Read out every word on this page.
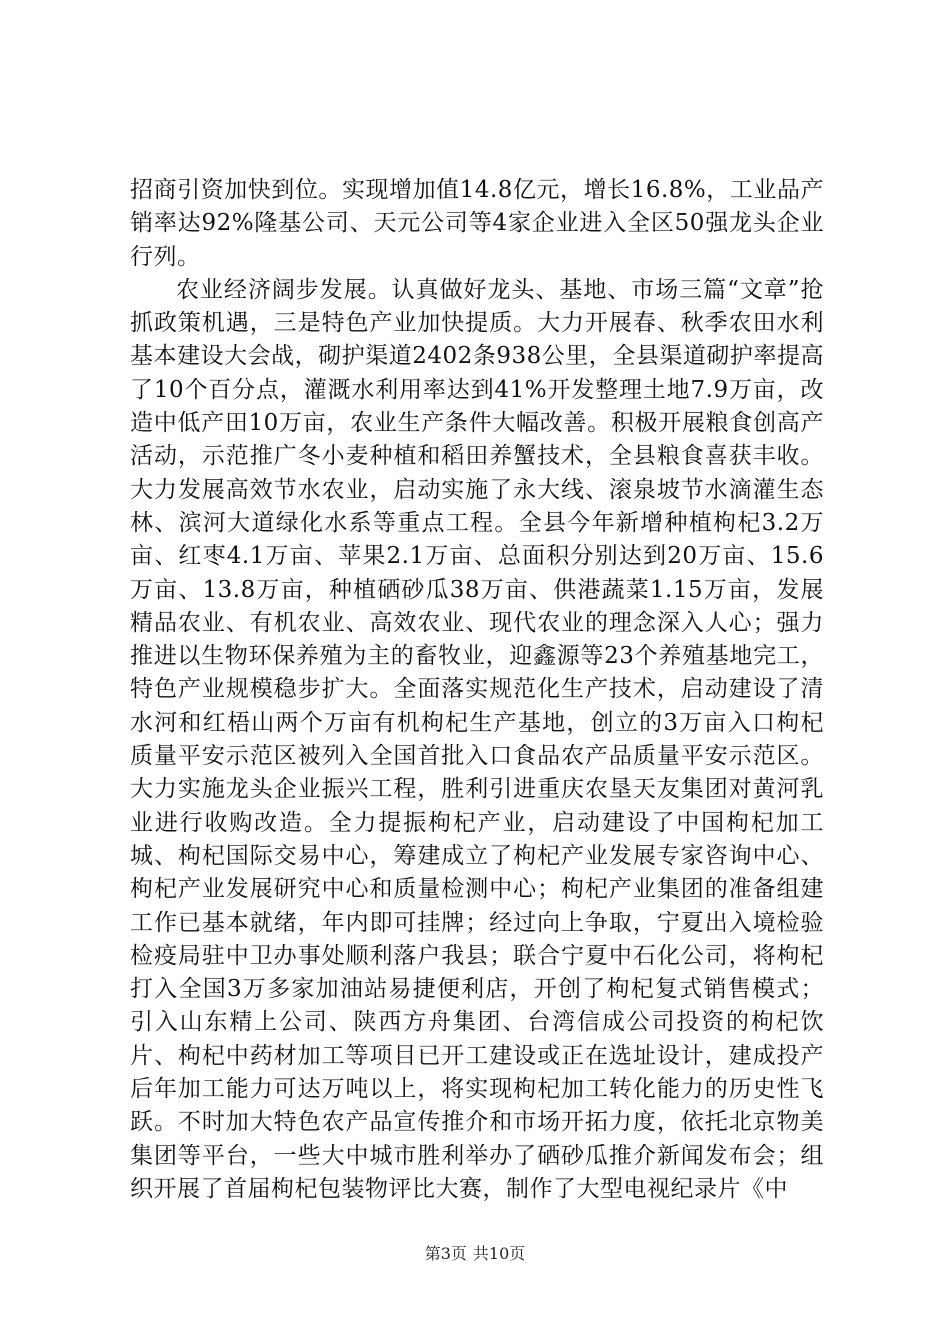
招商引资加快到位。实现增加值14.8亿元，增长16.8%，工业品产销率达92%隆基公司、天元公司等4家企业进入全区50强龙头企业行列。

农业经济阔步发展。认真做好龙头、基地、市场三篇“文章”抢抓政策机遇，三是特色产业加快提质。大力开展春、秋季农田水利基本建设大会战，砌护渠道2402条938公里，全县渠道砌护率提高了10个百分点，灌溉水利用率达到41%开发整理土地7.9万亩，改造中低产田10万亩，农业生产条件大幅改善。积极开展粮食创高产活动，示范推广冬小麦种植和稻田养蟹技术，全县粮食喜获丰收。大力发展高效节水农业，启动实施了永大线、滚泉坡节水滴灌生态林、滨河大道绿化水系等重点工程。全县今年新增种植枸杞3.2万亩、红枣4.1万亩、苹果2.1万亩、总面积分别达到20万亩、15.6万亩、13.8万亩，种植硒砂瓜38万亩、供港蔬菜1.15万亩，发展精品农业、有机农业、高效农业、现代农业的理念深入人心；强力推进以生物环保养殖为主的畜牧业，迎鑫源等23个养殖基地完工，特色产业规模稳步扩大。全面落实规范化生产技术，启动建设了清水河和红梧山两个万亩有机枸杞生产基地，创立的3万亩入口枸杞质量平安示范区被列入全国首批入口食品农产品质量平安示范区。大力实施龙头企业振兴工程，胜利引进重庆农垦天友集团对黄河乳业进行收购改造。全力提振枸杞产业，启动建设了中国枸杞加工城、枸杞国际交易中心，筹建成立了枸杞产业发展专家咨询中心、枸杞产业发展研究中心和质量检测中心；枸杞产业集团的准备组建工作已基本就绪，年内即可挂牌；经过向上争取，宁夏出入境检验检疫局驻中卫办事处顺利落户我县；联合宁夏中石化公司，将枸杞打入全国3万多家加油站易捷便利店，开创了枸杞复式销售模式；引入山东精上公司、陕西方舟集团、台湾信成公司投资的枸杞饮片、枸杞中药材加工等项目已开工建设或正在选址设计，建成投产后年加工能力可达万吨以上，将实现枸杞加工转化能力的历史性飞跃。不时加大特色农产品宣传推介和市场开拓力度，依托北京物美集团等平台，一些大中城市胜利举办了硒砂瓜推介新闻发布会；组织开展了首届枸杞包装物评比大赛，制作了大型电视纪录片《中

第3页 共10页
